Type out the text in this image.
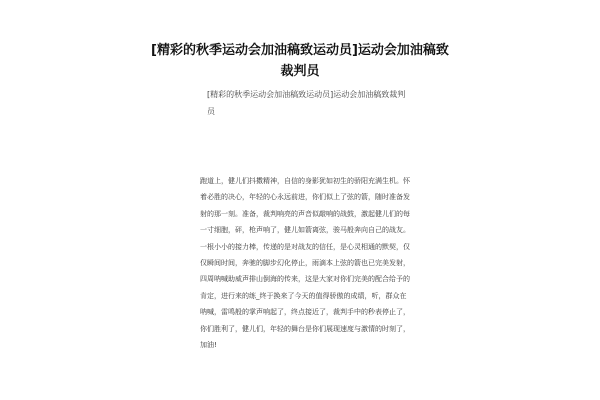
[精彩的秋季运动会加油稿致运动员]运动会加油稿致裁判员
[精彩的秋季运动会加油稿致运动员]运动会加油稿致裁判员

跑道上，健儿们抖擞精神，自信的身影犹如初生的骄阳充满生机。怀着必胜的决心，年轻的心永远前进，你们似上了弦的箭，随时准备发射的那一刻。准备，裁判响亮的声音似敲响的战鼓，激起健儿们的每一寸细胞，砰，枪声响了，健儿如箭离弦，骏马般奔向自己的战友。一根小小的接力棒，传递的是对战友的信任，是心灵相通的默契，仅仅瞬间时间，奔驰的脚步幻化停止，雨滴本上弦的箭也已完美发射，四周呐喊助威声排山倒海的传来，这是大家对你们完美的配合给予的肯定，进行来的练_终于换来了今天的值得骄傲的成绩，听，群众在呐喊，雷鸣般的掌声响起了，终点接近了，裁判手中的秒表停止了，你们胜利了，健儿们，年轻的舞台是你们展现速度与激情的时刻了，加油!
